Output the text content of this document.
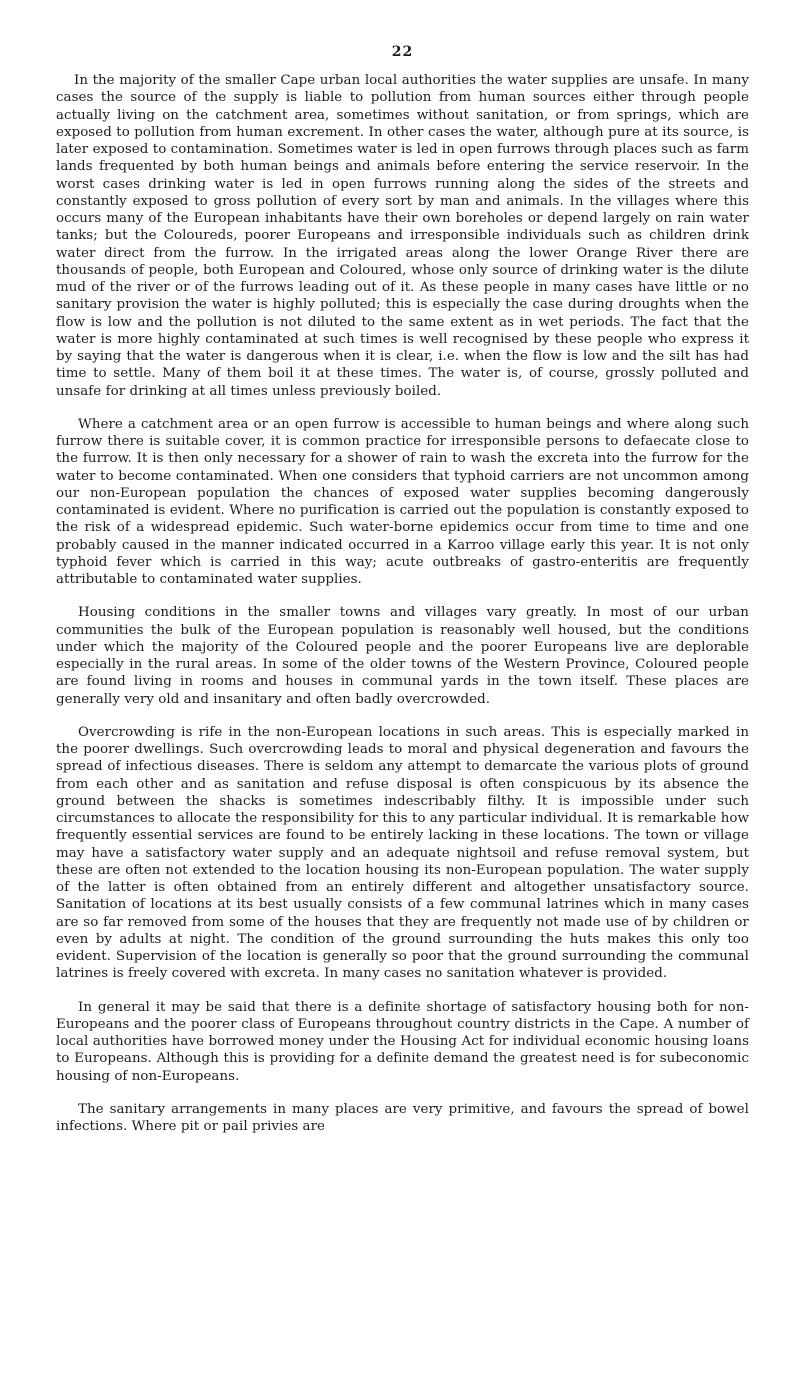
22

In the majority of the smaller Cape urban local authorities the water supplies are unsafe. In many cases the source of the supply is liable to pollution from human sources either through people actually living on the catchment area, sometimes without sanitation, or from springs, which are exposed to pollution from human excrement. In other cases the water, although pure at its source, is later exposed to contamination. Sometimes water is led in open furrows through places such as farm lands frequented by both human beings and animals before entering the service reservoir. In the worst cases drinking water is led in open furrows running along the sides of the streets and constantly exposed to gross pollution of every sort by man and animals. In the villages where this occurs many of the European inhabitants have their own boreholes or depend largely on rain water tanks; but the Coloureds, poorer Europeans and irresponsible individuals such as children drink water direct from the furrow. In the irrigated areas along the lower Orange River there are thousands of people, both European and Coloured, whose only source of drinking water is the dilute mud of the river or of the furrows leading out of it. As these people in many cases have little or no sanitary provision the water is highly polluted; this is especially the case during droughts when the flow is low and the pollution is not diluted to the same extent as in wet periods. The fact that the water is more highly contaminated at such times is well recognised by these people who express it by saying that the water is dangerous when it is clear, i.e. when the flow is low and the silt has had time to settle. Many of them boil it at these times. The water is, of course, grossly polluted and unsafe for drinking at all times unless previously boiled.

Where a catchment area or an open furrow is accessible to human beings and where along such furrow there is suitable cover, it is common practice for irresponsible persons to defaecate close to the furrow. It is then only necessary for a shower of rain to wash the excreta into the furrow for the water to become contaminated. When one considers that typhoid carriers are not uncommon among our non-European population the chances of exposed water supplies becoming dangerously contaminated is evident. Where no purification is carried out the population is constantly exposed to the risk of a widespread epidemic. Such water-borne epidemics occur from time to time and one probably caused in the manner indicated occurred in a Karroo village early this year. It is not only typhoid fever which is carried in this way; acute outbreaks of gastro-enteritis are frequently attributable to contaminated water supplies.

Housing conditions in the smaller towns and villages vary greatly. In most of our urban communities the bulk of the European population is reasonably well housed, but the conditions under which the majority of the Coloured people and the poorer Europeans live are deplorable especially in the rural areas. In some of the older towns of the Western Province, Coloured people are found living in rooms and houses in communal yards in the town itself. These places are generally very old and insanitary and often badly overcrowded.

Overcrowding is rife in the non-European locations in such areas. This is especially marked in the poorer dwellings. Such overcrowding leads to moral and physical degeneration and favours the spread of infectious diseases. There is seldom any attempt to demarcate the various plots of ground from each other and as sanitation and refuse disposal is often conspicuous by its absence the ground between the shacks is sometimes indescribably filthy. It is impossible under such circumstances to allocate the responsibility for this to any particular individual. It is remarkable how frequently essential services are found to be entirely lacking in these locations. The town or village may have a satisfactory water supply and an adequate nightsoil and refuse removal system, but these are often not extended to the location housing its non-European population. The water supply of the latter is often obtained from an entirely different and altogether unsatisfactory source. Sanitation of locations at its best usually consists of a few communal latrines which in many cases are so far removed from some of the houses that they are frequently not made use of by children or even by adults at night. The condition of the ground surrounding the huts makes this only too evident. Supervision of the location is generally so poor that the ground surrounding the communal latrines is freely covered with excreta. In many cases no sanitation whatever is provided.

In general it may be said that there is a definite shortage of satisfactory housing both for non-Europeans and the poorer class of Europeans throughout country districts in the Cape. A number of local authorities have borrowed money under the Housing Act for individual economic housing loans to Europeans. Although this is providing for a definite demand the greatest need is for subeconomic housing of non-Europeans.

The sanitary arrangements in many places are very primitive, and favours the spread of bowel infections. Where pit or pail privies are
